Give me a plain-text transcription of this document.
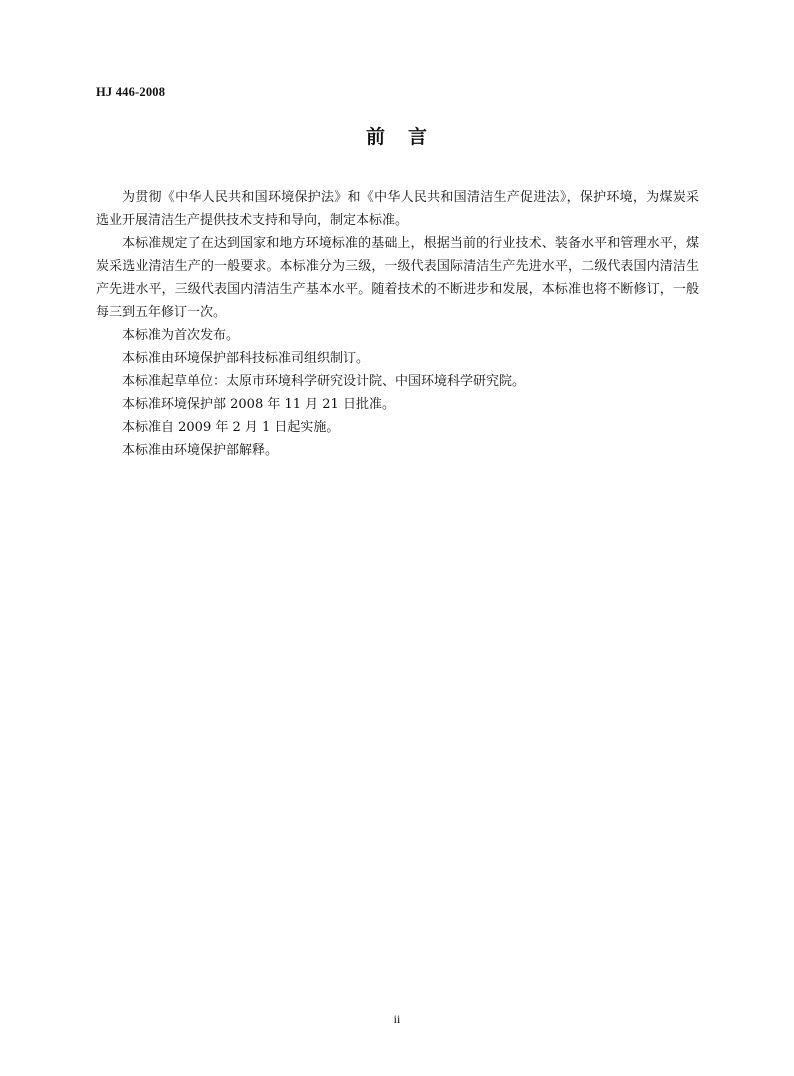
HJ 446-2008
前 言

为贯彻《中华人民共和国环境保护法》和《中华人民共和国清洁生产促进法》，保护环境，为煤炭采选业开展清洁生产提供技术支持和导向，制定本标准。

本标准规定了在达到国家和地方环境标准的基础上，根据当前的行业技术、装备水平和管理水平，煤炭采选业清洁生产的一般要求。本标准分为三级，一级代表国际清洁生产先进水平，二级代表国内清洁生产先进水平，三级代表国内清洁生产基本水平。随着技术的不断进步和发展，本标准也将不断修订，一般每三到五年修订一次。

本标准为首次发布。

本标准由环境保护部科技标准司组织制订。

本标准起草单位：太原市环境科学研究设计院、中国环境科学研究院。

本标准环境保护部 2008 年 11 月 21 日批准。

本标准自 2009 年 2 月 1 日起实施。

本标准由环境保护部解释。

ii
